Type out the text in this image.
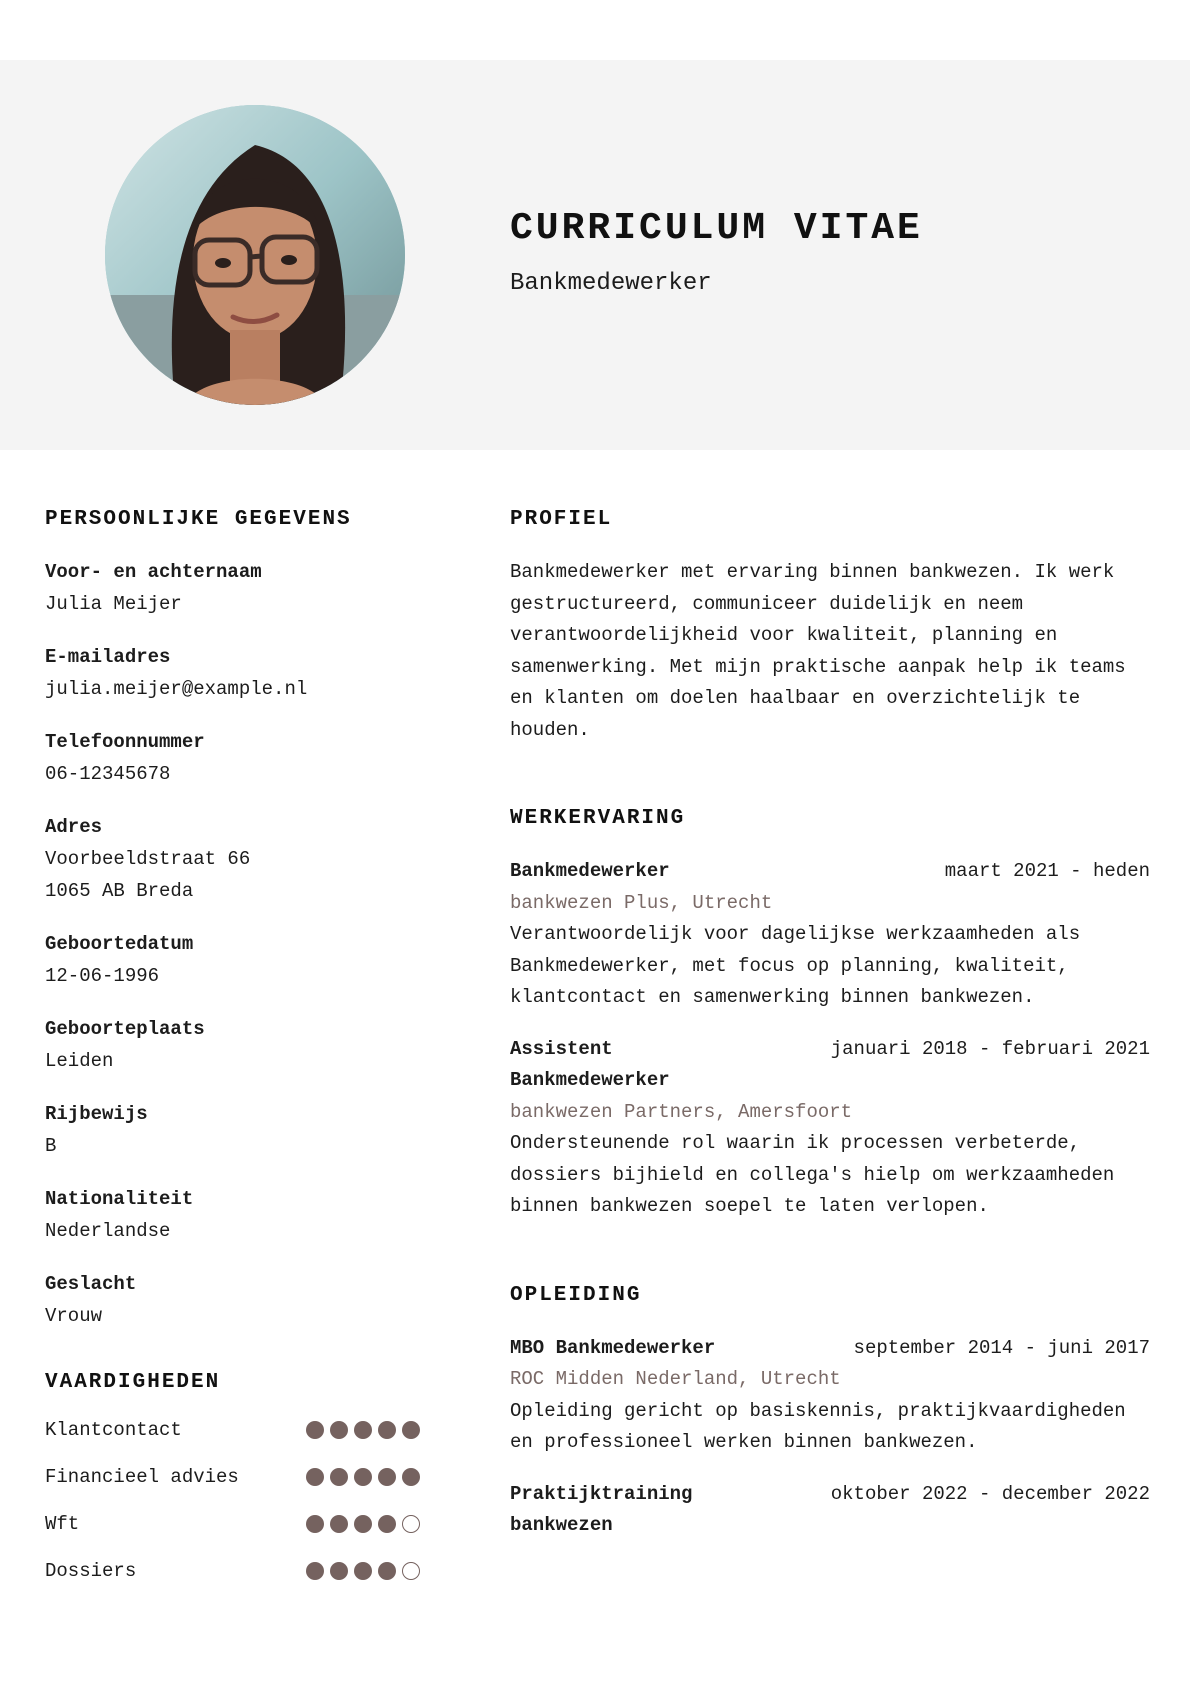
CURRICULUM VITAE
Bankmedewerker
PERSOONLIJKE GEGEVENS
Voor- en achternaam
Julia Meijer
E-mailadres
julia.meijer@example.nl
Telefoonnummer
06-12345678
Adres
Voorbeeldstraat 66
1065 AB Breda
Geboortedatum
12-06-1996
Geboorteplaats
Leiden
Rijbewijs
B
Nationaliteit
Nederlandse
Geslacht
Vrouw
VAARDIGHEDEN
Klantcontact
Financieel advies
Wft
Dossiers
PROFIEL

Bankmedewerker met ervaring binnen bankwezen. Ik werk gestructureerd, communiceer duidelijk en neem verantwoordelijkheid voor kwaliteit, planning en samenwerking. Met mijn praktische aanpak help ik teams en klanten om doelen haalbaar en overzichtelijk te houden.

WERKERVARING
Bankmedewerker	maart 2021 - heden
bankwezen Plus, Utrecht
Verantwoordelijk voor dagelijkse werkzaamheden als Bankmedewerker, met focus op planning, kwaliteit, klantcontact en samenwerking binnen bankwezen.
Assistent Bankmedewerker
januari 2018 - februari 2021
bankwezen Partners, Amersfoort
Ondersteunende rol waarin ik processen verbeterde, dossiers bijhield en collega's hielp om werkzaamheden binnen bankwezen soepel te laten verlopen.
OPLEIDING
MBO Bankmedewerker	september 2014 - juni 2017
ROC Midden Nederland, Utrecht
Opleiding gericht op basiskennis, praktijkvaardigheden en professioneel werken binnen bankwezen.
Praktijktraining bankwezen
oktober 2022 - december 2022
